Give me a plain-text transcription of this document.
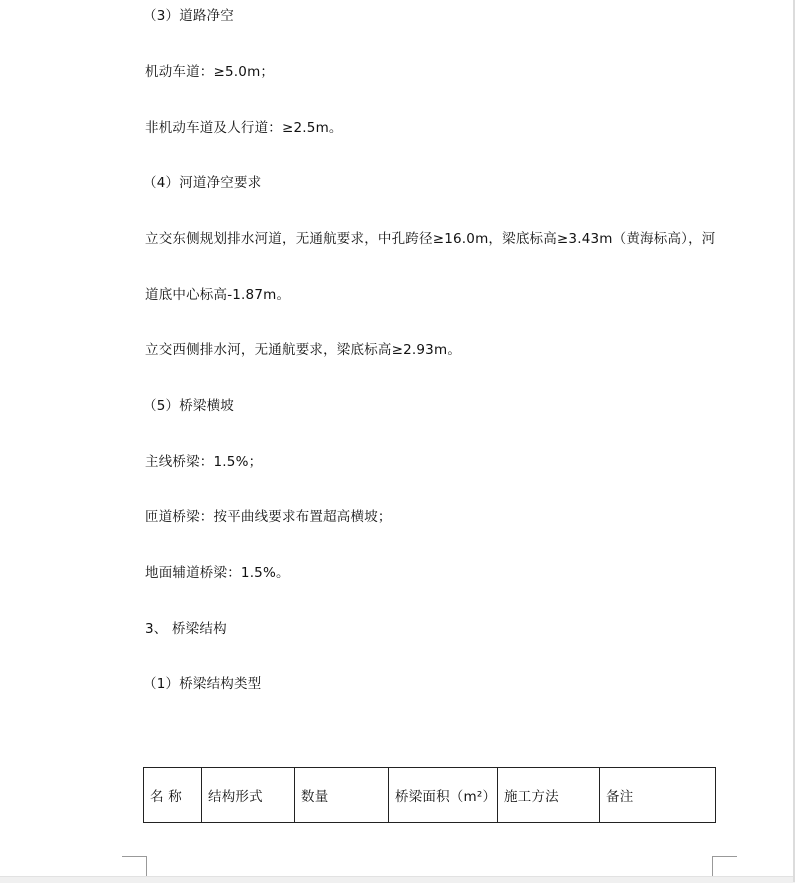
（3）道路净空
机动车道：≥5.0m；
非机动车道及人行道：≥2.5m。
（4）河道净空要求
立交东侧规划排水河道，无通航要求，中孔跨径≥16.0m，梁底标高≥3.43m（黄海标高），河
道底中心标高-1.87m。
立交西侧排水河，无通航要求，梁底标高≥2.93m。
（5）桥梁横坡
主线桥梁：1.5%；
匝道桥梁：按平曲线要求布置超高横坡；
地面辅道桥梁：1.5%。
3、 桥梁结构
（1）桥梁结构类型
名 称	结构形式	数量	桥梁面积（m²）	施工方法	备注
